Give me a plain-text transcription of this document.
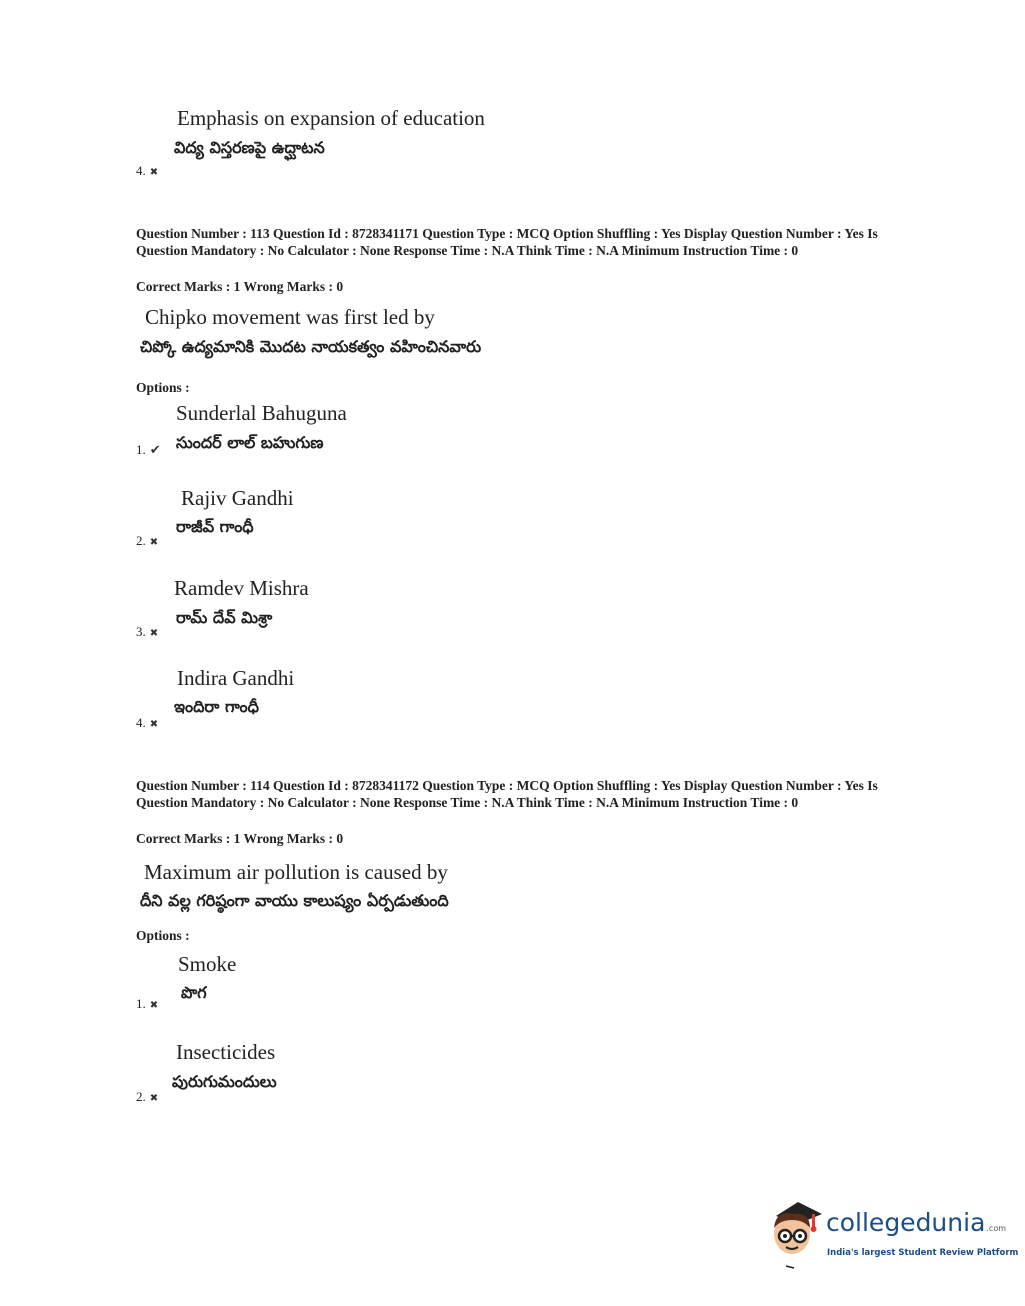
Emphasis on expansion of education
విద్య విస్తరణపై ఉద్ఘాటన
4. ✖
Question Number : 113 Question Id : 8728341171 Question Type : MCQ Option Shuffling : Yes Display Question Number : Yes Is Question Mandatory : No Calculator : None Response Time : N.A Think Time : N.A Minimum Instruction Time : 0
Correct Marks : 1 Wrong Marks : 0
Chipko movement was first led by
చిప్కో ఉద్యమానికి మొదట నాయకత్వం వహించినవారు
Options :
Sunderlal Bahuguna
సుందర్ లాల్ బహుగుణ
1. ✔
Rajiv Gandhi
రాజీవ్ గాంధీ
2. ✖
Ramdev Mishra
రామ్ దేవ్ మిశ్రా
3. ✖
Indira Gandhi
ఇందిరా గాంధీ
4. ✖
Question Number : 114 Question Id : 8728341172 Question Type : MCQ Option Shuffling : Yes Display Question Number : Yes Is Question Mandatory : No Calculator : None Response Time : N.A Think Time : N.A Minimum Instruction Time : 0
Correct Marks : 1 Wrong Marks : 0
Maximum air pollution is caused by
దీని వల్ల గరిష్ఠంగా వాయు కాలుష్యం ఏర్పడుతుంది
Options :
Smoke
పొగ
1. ✖
Insecticides
పురుగుమందులు
2. ✖
collegedunia.com
India's largest Student Review Platform
